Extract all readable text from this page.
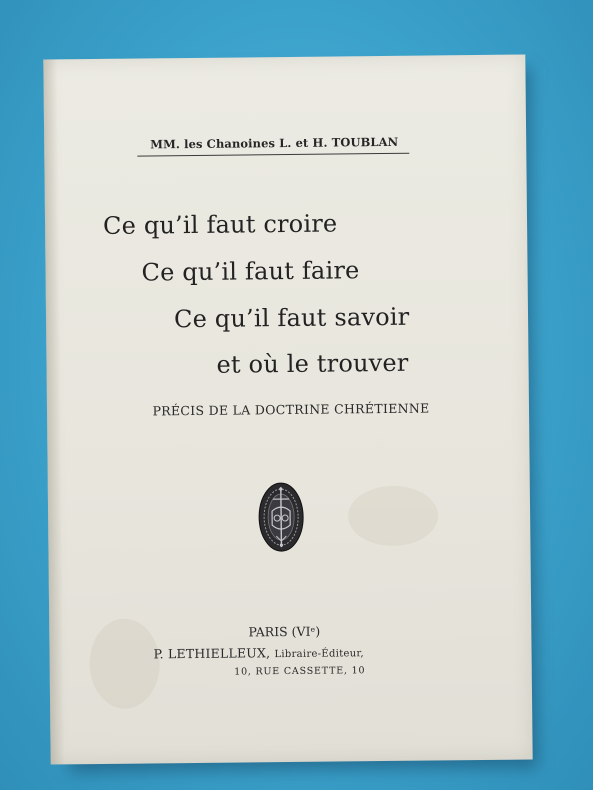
MM. les Chanoines L. et H. TOUBLAN
Ce qu’il faut croire
Ce qu’il faut faire
Ce qu’il faut savoir
et où le trouver
PRÉCIS DE LA DOCTRINE CHRÉTIENNE
PARIS (VIᵉ)
P. LETHIELLEUX, Libraire-Éditeur,
10, RUE CASSETTE, 10
